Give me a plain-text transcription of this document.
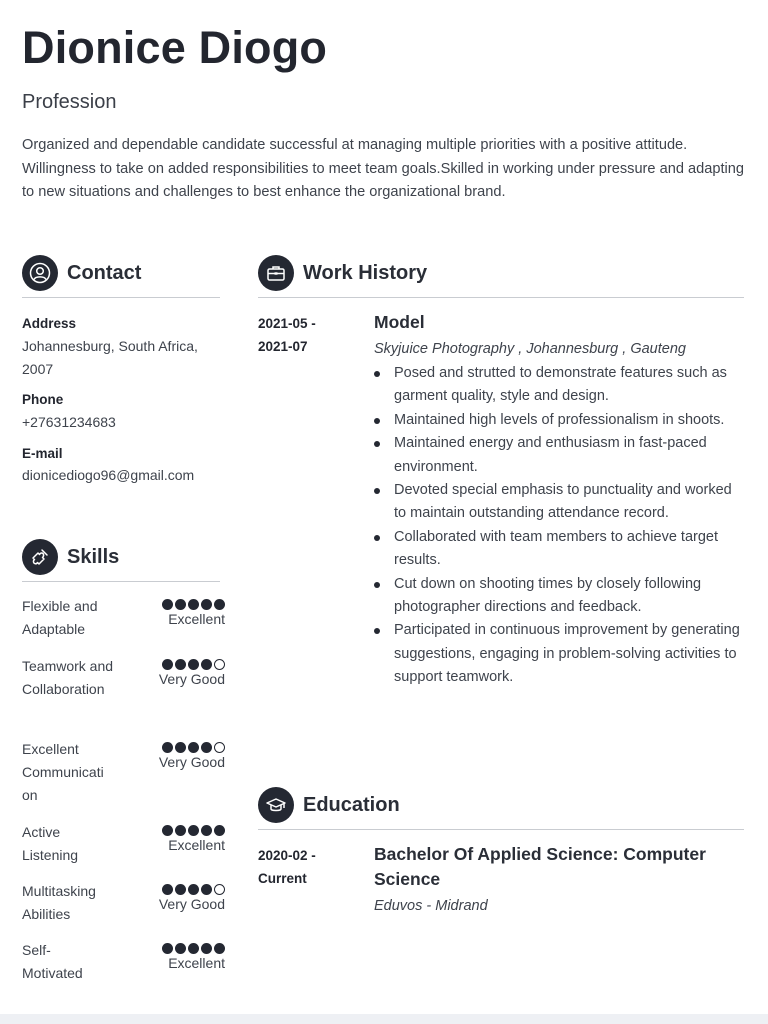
Dionice Diogo
Profession
Organized and dependable candidate successful at managing multiple priorities with a positive attitude. Willingness to take on added responsibilities to meet team goals.Skilled in working under pressure and adapting to new situations and challenges to best enhance the organizational brand.
Contact
Address
Johannesburg, South Africa, 2007
Phone
+27631234683
E-mail
dionicediogo96@gmail.com
Skills
Flexible and Adaptable
Excellent
Teamwork and Collaboration
Very Good
Excellent Communicati on
Very Good
Active Listening
Excellent
Multitasking Abilities
Very Good
Self-Motivated
Excellent
Work History
2021-05 -
2021-07
Model
Skyjuice Photography , Johannesburg , Gauteng
Posed and strutted to demonstrate features such as garment quality, style and design.
Maintained high levels of professionalism in shoots.
Maintained energy and enthusiasm in fast-paced environment.
Devoted special emphasis to punctuality and worked to maintain outstanding attendance record.
Collaborated with team members to achieve target results.
Cut down on shooting times by closely following photographer directions and feedback.
Participated in continuous improvement by generating suggestions, engaging in problem-solving activities to support teamwork.
Education
2020-02 -
Current
Bachelor Of Applied Science: Computer Science
Eduvos - Midrand
